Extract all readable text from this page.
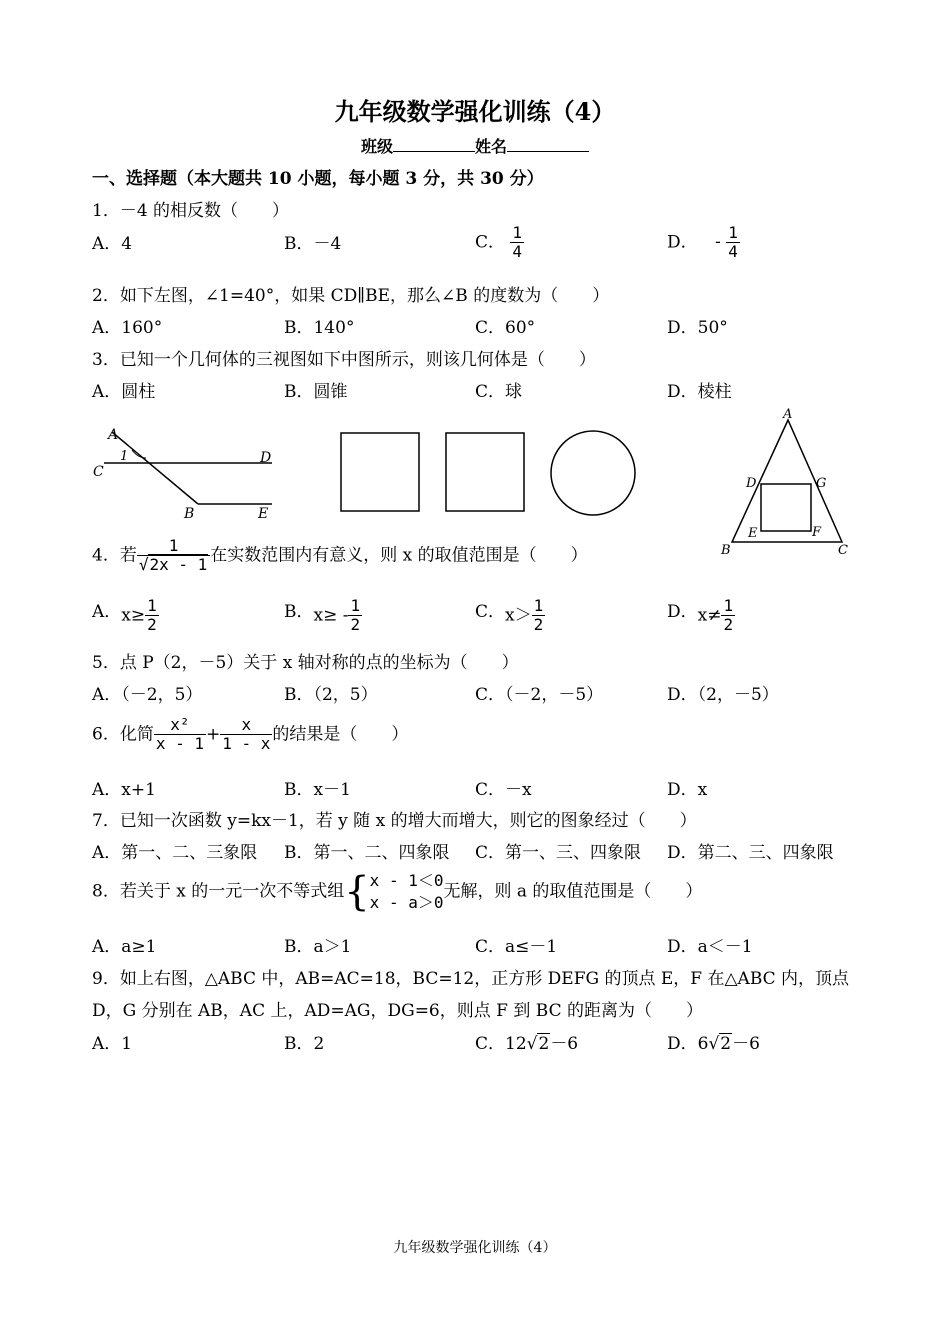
九年级数学强化训练（4）
班级	姓名
一、选择题（本大题共 10 小题，每小题 3 分，共 30 分）
1．－4 的相反数（　　）
A．4	B．－4	C． $\frac{1}{4}$	D． - $\frac{1}{4}$
2．如下左图，∠1=40°，如果 CD∥BE，那么∠B 的度数为（　　）
A．160°	B．140°	C．60°	D．50°
3．已知一个几何体的三视图如下中图所示，则该几何体是（　　）
A．圆柱	B．圆锥	C．球	D．棱柱
A
1
C
D
B	E
A
D	G
E	F
B	C
4．若 $\frac{1}{√2x - 1}$ 在实数范围内有意义，则 x 的取值范围是（　　）
A．$x\ge \frac{1}{2}$	B．$x\ge - \frac{1}{2}$	C．$x> \frac{1}{2}$	D．$x\ne \frac{1}{2}$
5．点 P（2，－5）关于 x 轴对称的点的坐标为（　　）
A．（－2，5）	B．（2，5）	C．（－2，－5）	D．（2，－5）
6．化简 $\frac{\text{x²}}{x - 1} + \frac{x}{1 - x}$ 的结果是（　　）
A．x+1	B．x－1	C．－x	D．x
7．已知一次函数 y=kx－1，若 y 随 x 的增大而增大，则它的图象经过（　　）
A．第一、二、三象限 B．第一、二、四象限 C．第一、三、四象限 D．第二、三、四象限
8．若关于 x 的一元一次不等式组{ x - 1＜0
x - a＞0
无解，则 a 的取值范围是（　　）
A．a≥1	B．a＞1	C．a≤－1	D．a＜－1
9．如上右图，△ABC 中，AB=AC=18，BC=12，正方形 DEFG 的顶点 E，F 在△ABC 内，顶点
D，G 分别在 AB，AC 上，AD=AG，DG=6，则点 F 到 BC 的距离为（　　）
A．1	B．2	C．12√2－6	D．6√2－6
九年级数学强化训练（4）
